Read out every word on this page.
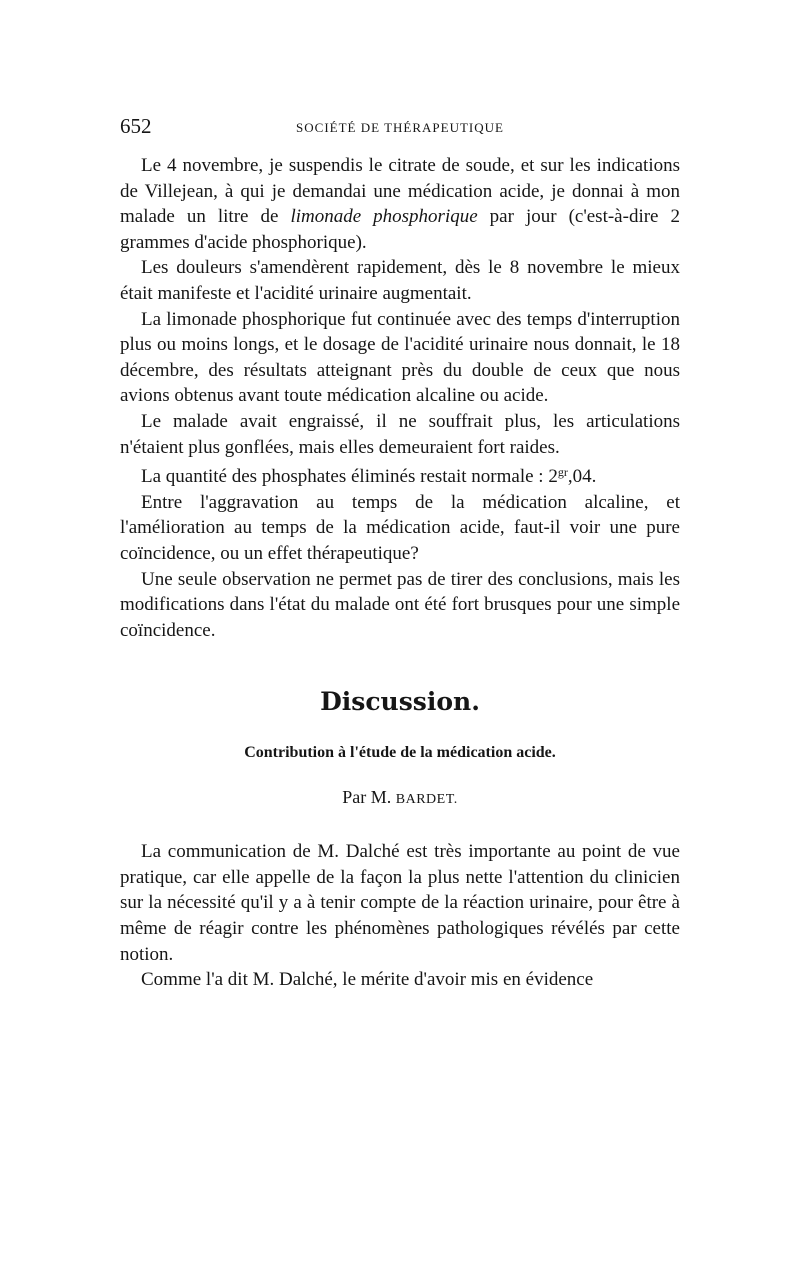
652	SOCIÉTÉ DE THÉRAPEUTIQUE

Le 4 novembre, je suspendis le citrate de soude, et sur les indications de Villejean, à qui je demandai une médication acide, je donnai à mon malade un litre de limonade phosphorique par jour (c'est-à-dire 2 grammes d'acide phosphorique).

Les douleurs s'amendèrent rapidement, dès le 8 novembre le mieux était manifeste et l'acidité urinaire augmentait.

La limonade phosphorique fut continuée avec des temps d'interruption plus ou moins longs, et le dosage de l'acidité urinaire nous donnait, le 18 décembre, des résultats atteignant près du double de ceux que nous avions obtenus avant toute médication alcaline ou acide.

Le malade avait engraissé, il ne souffrait plus, les articulations n'étaient plus gonflées, mais elles demeuraient fort raides.

La quantité des phosphates éliminés restait normale : $2^{gr},04$.

Entre l'aggravation au temps de la médication alcaline, et l'amélioration au temps de la médication acide, faut-il voir une pure coïncidence, ou un effet thérapeutique?

Une seule observation ne permet pas de tirer des conclusions, mais les modifications dans l'état du malade ont été fort brusques pour une simple coïncidence.

Discussion.
Contribution à l'étude de la médication acide.
Par M. BARDET.

La communication de M. Dalché est très importante au point de vue pratique, car elle appelle de la façon la plus nette l'attention du clinicien sur la nécessité qu'il y a à tenir compte de la réaction urinaire, pour être à même de réagir contre les phénomènes pathologiques révélés par cette notion.

Comme l'a dit M. Dalché, le mérite d'avoir mis en évidence
